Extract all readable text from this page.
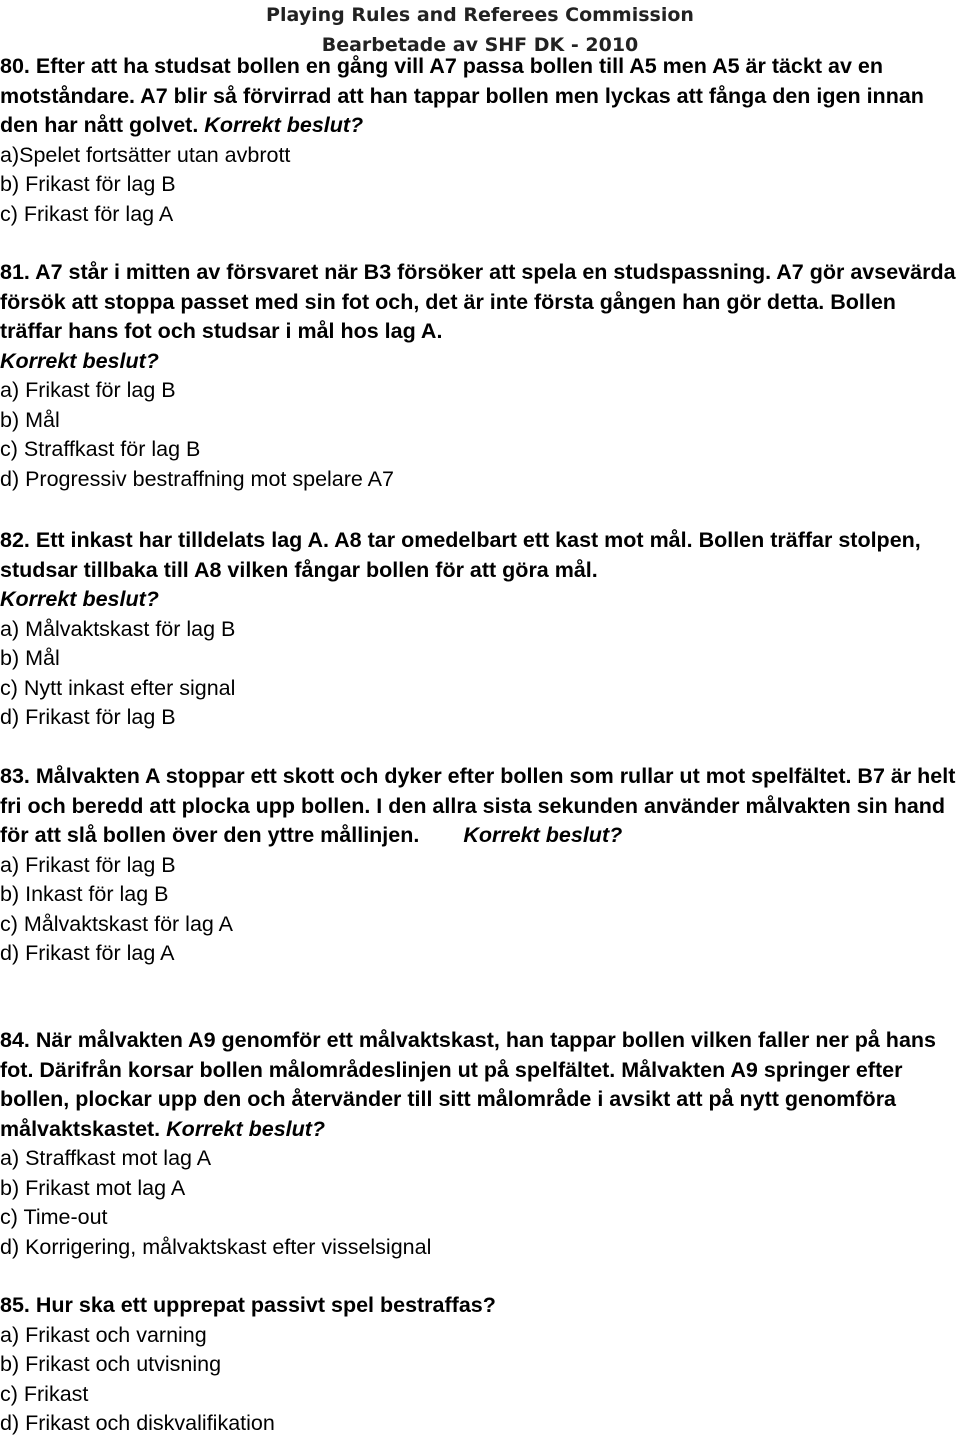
Playing Rules and Referees Commission
Bearbetade av SHF DK - 2010
80. Efter att ha studsat bollen en gång vill A7 passa bollen till A5 men A5 är täckt av en motståndare. A7 blir så förvirrad att han tappar bollen men lyckas att fånga den igen innan den har nått golvet. Korrekt beslut?
a)Spelet fortsätter utan avbrott
b) Frikast för lag B
c) Frikast för lag A
81. A7 står i mitten av försvaret när B3 försöker att spela en studspassning. A7 gör avsevärda försök att stoppa passet med sin fot och, det är inte första gången han gör detta. Bollen träffar hans fot och studsar i mål hos lag A.
Korrekt beslut?
a) Frikast för lag B
b) Mål
c) Straffkast för lag B
d) Progressiv bestraffning mot spelare A7
82. Ett inkast har tilldelats lag A. A8 tar omedelbart ett kast mot mål. Bollen träffar stolpen, studsar tillbaka till A8 vilken fångar bollen för att göra mål.
Korrekt beslut?
a) Målvaktskast för lag B
b) Mål
c) Nytt inkast efter signal
d) Frikast för lag B
83. Målvakten A stoppar ett skott och dyker efter bollen som rullar ut mot spelfältet. B7 är helt fri och beredd att plocka upp bollen. I den allra sista sekunden använder målvakten sin hand för att slå bollen över den yttre mållinjen. Korrekt beslut?
a) Frikast för lag B
b) Inkast för lag B
c) Målvaktskast för lag A
d) Frikast för lag A
84. När målvakten A9 genomför ett målvaktskast, han tappar bollen vilken faller ner på hans fot. Därifrån korsar bollen målområdeslinjen ut på spelfältet. Målvakten A9 springer efter bollen, plockar upp den och återvänder till sitt målområde i avsikt att på nytt genomföra målvaktskastet. Korrekt beslut?
a) Straffkast mot lag A
b) Frikast mot lag A
c) Time-out
d) Korrigering, målvaktskast efter visselsignal
85. Hur ska ett upprepat passivt spel bestraffas?
a) Frikast och varning
b) Frikast och utvisning
c) Frikast
d) Frikast och diskvalifikation
